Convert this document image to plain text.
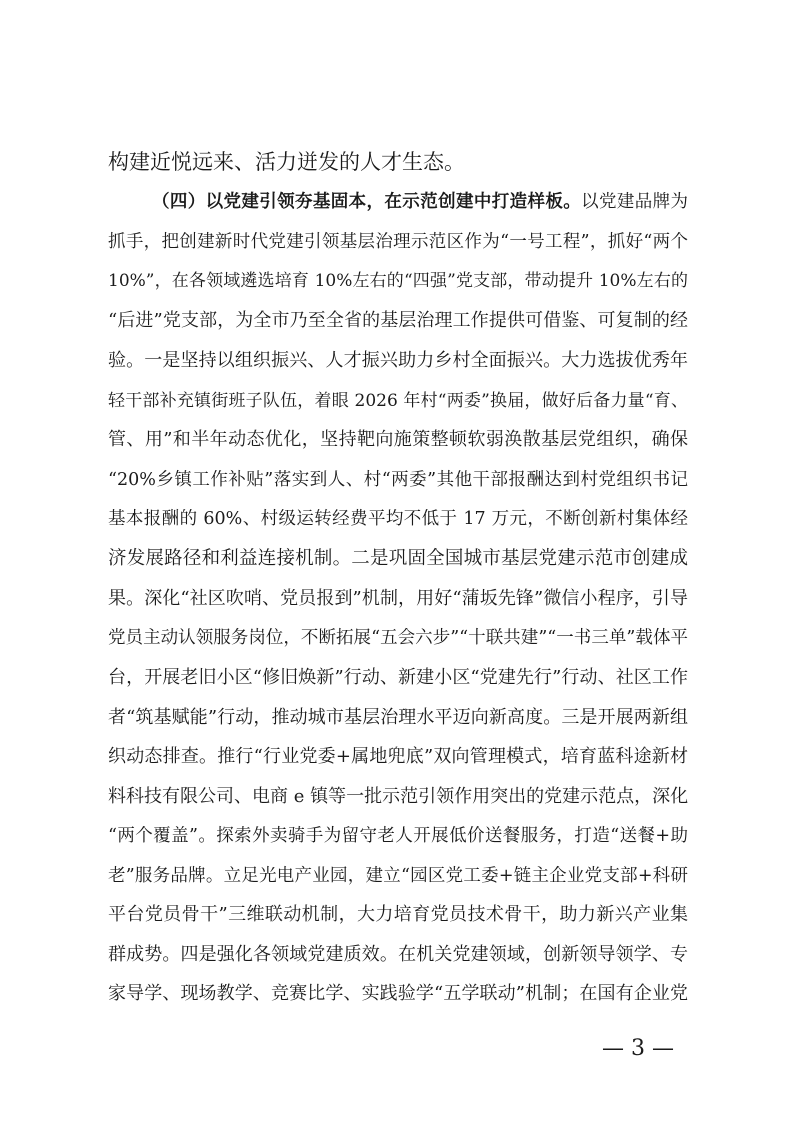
构建近悦远来、活力迸发的人才生态。
（四）以党建引领夯基固本，在示范创建中打造样板。以党建品牌为
抓手，把创建新时代党建引领基层治理示范区作为“一号工程”，抓好“两个
10%”，在各领域遴选培育 10%左右的“四强”党支部，带动提升 10%左右的
“后进”党支部，为全市乃至全省的基层治理工作提供可借鉴、可复制的经
验。一是坚持以组织振兴、人才振兴助力乡村全面振兴。大力选拔优秀年
轻干部补充镇街班子队伍，着眼 2026 年村“两委”换届，做好后备力量“育、
管、用”和半年动态优化，坚持靶向施策整顿软弱涣散基层党组织，确保
“20%乡镇工作补贴”落实到人、村“两委”其他干部报酬达到村党组织书记
基本报酬的 60%、村级运转经费平均不低于 17 万元，不断创新村集体经
济发展路径和利益连接机制。二是巩固全国城市基层党建示范市创建成
果。深化“社区吹哨、党员报到”机制，用好“蒲坂先锋”微信小程序，引导
党员主动认领服务岗位，不断拓展“五会六步”“十联共建”“一书三单”载体平
台，开展老旧小区“修旧焕新”行动、新建小区“党建先行”行动、社区工作
者“筑基赋能”行动，推动城市基层治理水平迈向新高度。三是开展两新组
织动态排查。推行“行业党委+属地兜底”双向管理模式，培育蓝科途新材
料科技有限公司、电商 e 镇等一批示范引领作用突出的党建示范点，深化
“两个覆盖”。探索外卖骑手为留守老人开展低价送餐服务，打造“送餐+助
老”服务品牌。立足光电产业园，建立“园区党工委+链主企业党支部+科研
平台党员骨干”三维联动机制，大力培育党员技术骨干，助力新兴产业集
群成势。四是强化各领域党建质效。在机关党建领域，创新领导领学、专
家导学、现场教学、竞赛比学、实践验学“五学联动”机制；在国有企业党
— 3 —
